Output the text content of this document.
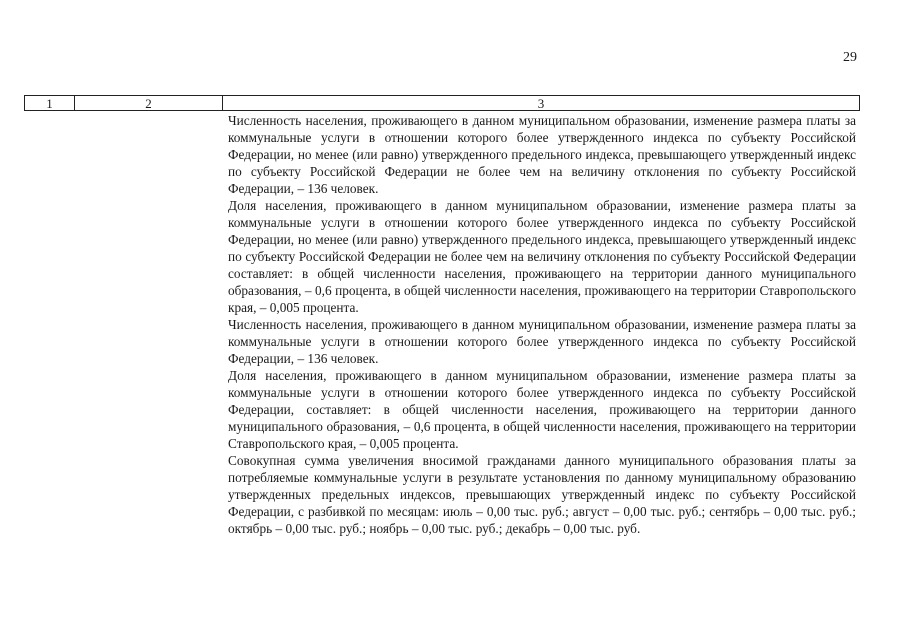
29
1	2	3

Численность населения, проживающего в данном муниципальном образовании, изменение размера платы за коммунальные услуги в отношении которого более утвержденного индекса по субъекту Российской Федерации, но менее (или равно) утвержденного предельного индекса, превышающего утвержденный индекс по субъекту Российской Федерации не более чем на величину отклонения по субъекту Российской Федерации, – 136 человек.

Доля населения, проживающего в данном муниципальном образовании, изменение размера платы за коммунальные услуги в отношении которого более утвержденного индекса по субъекту Российской Федерации, но менее (или равно) утвержденного предельного индекса, превышающего утвержденный индекс по субъекту Российской Федерации не более чем на величину отклонения по субъекту Российской Федерации составляет: в общей численности населения, проживающего на территории данного муниципального образования, – 0,6 процента, в общей численности населения, проживающего на территории Ставропольского края, – 0,005 процента.

Численность населения, проживающего в данном муниципальном образовании, изменение размера платы за коммунальные услуги в отношении которого более утвержденного индекса по субъекту Российской Федерации, – 136 человек.

Доля населения, проживающего в данном муниципальном образовании, изменение размера платы за коммунальные услуги в отношении которого более утвержденного индекса по субъекту Российской Федерации, составляет: в общей численности населения, проживающего на территории данного муниципального образования, – 0,6 процента, в общей численности населения, проживающего на территории Ставропольского края, – 0,005 процента.

Совокупная сумма увеличения вносимой гражданами данного муниципального образования платы за потребляемые коммунальные услуги в результате установления по данному муниципальному образованию утвержденных предельных индексов, превышающих утвержденный индекс по субъекту Российской Федерации, с разбивкой по месяцам: июль – 0,00 тыс. руб.; август – 0,00 тыс. руб.; сентябрь – 0,00 тыс. руб.; октябрь – 0,00 тыс. руб.; ноябрь – 0,00 тыс. руб.; декабрь – 0,00 тыс. руб.
